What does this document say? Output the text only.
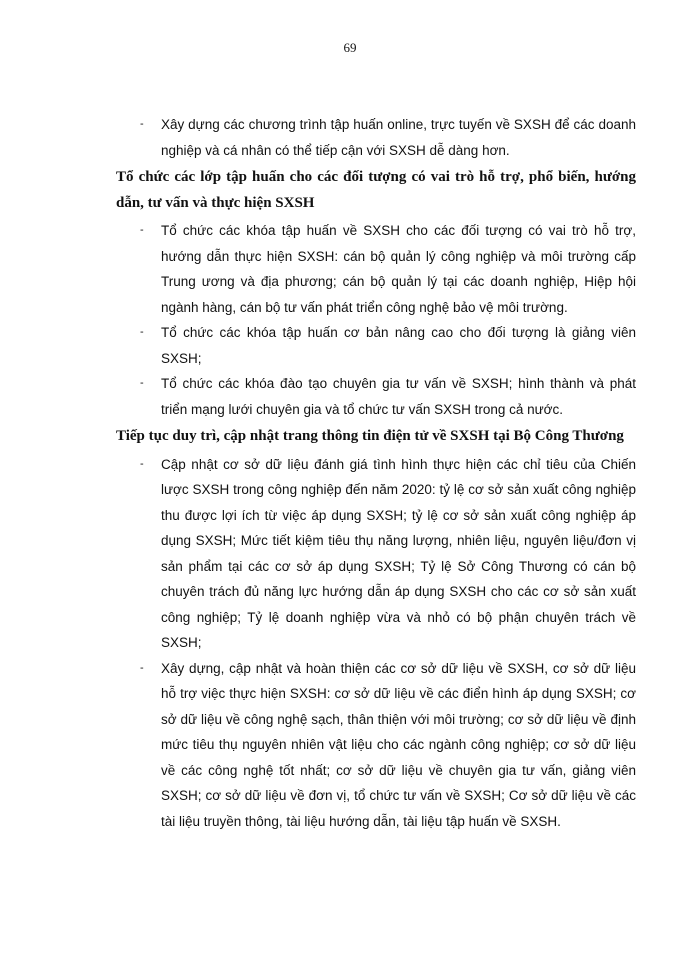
69

- Xây dựng các chương trình tập huấn online, trực tuyến về SXSH để các doanh nghiệp và cá nhân có thể tiếp cận với SXSH dễ dàng hơn.

Tổ chức các lớp tập huấn cho các đối tượng có vai trò hỗ trợ, phổ biến, hướng dẫn, tư vấn và thực hiện SXSH

- Tổ chức các khóa tập huấn về SXSH cho các đối tượng có vai trò hỗ trợ, hướng dẫn thực hiện SXSH: cán bộ quản lý công nghiệp và môi trường cấp Trung ương và địa phương; cán bộ quản lý tại các doanh nghiệp, Hiệp hội ngành hàng, cán bộ tư vấn phát triển công nghệ bảo vệ môi trường.

- Tổ chức các khóa tập huấn cơ bản nâng cao cho đối tượng là giảng viên SXSH;

- Tổ chức các khóa đào tạo chuyên gia tư vấn về SXSH; hình thành và phát triển mạng lưới chuyên gia và tổ chức tư vấn SXSH trong cả nước.

Tiếp tục duy trì, cập nhật trang thông tin điện tử về SXSH tại Bộ Công Thương

- Cập nhật cơ sở dữ liệu đánh giá tình hình thực hiện các chỉ tiêu của Chiến lược SXSH trong công nghiệp đến năm 2020: tỷ lệ cơ sở sản xuất công nghiệp thu được lợi ích từ việc áp dụng SXSH; tỷ lệ cơ sở sản xuất công nghiệp áp dụng SXSH; Mức tiết kiệm tiêu thụ năng lượng, nhiên liệu, nguyên liệu/đơn vị sản phẩm tại các cơ sở áp dụng SXSH; Tỷ lệ Sở Công Thương có cán bộ chuyên trách đủ năng lực hướng dẫn áp dụng SXSH cho các cơ sở sản xuất công nghiệp; Tỷ lệ doanh nghiệp vừa và nhỏ có bộ phận chuyên trách về SXSH;

- Xây dựng, cập nhật và hoàn thiện các cơ sở dữ liệu về SXSH, cơ sở dữ liệu hỗ trợ việc thực hiện SXSH: cơ sở dữ liệu về các điển hình áp dụng SXSH; cơ sở dữ liệu về công nghệ sạch, thân thiện với môi trường; cơ sở dữ liệu về định mức tiêu thụ nguyên nhiên vật liệu cho các ngành công nghiệp; cơ sở dữ liệu về các công nghệ tốt nhất; cơ sở dữ liệu về chuyên gia tư vấn, giảng viên SXSH; cơ sở dữ liệu về đơn vị, tổ chức tư vấn về SXSH; Cơ sở dữ liệu về các tài liệu truyền thông, tài liệu hướng dẫn, tài liệu tập huấn về SXSH.
